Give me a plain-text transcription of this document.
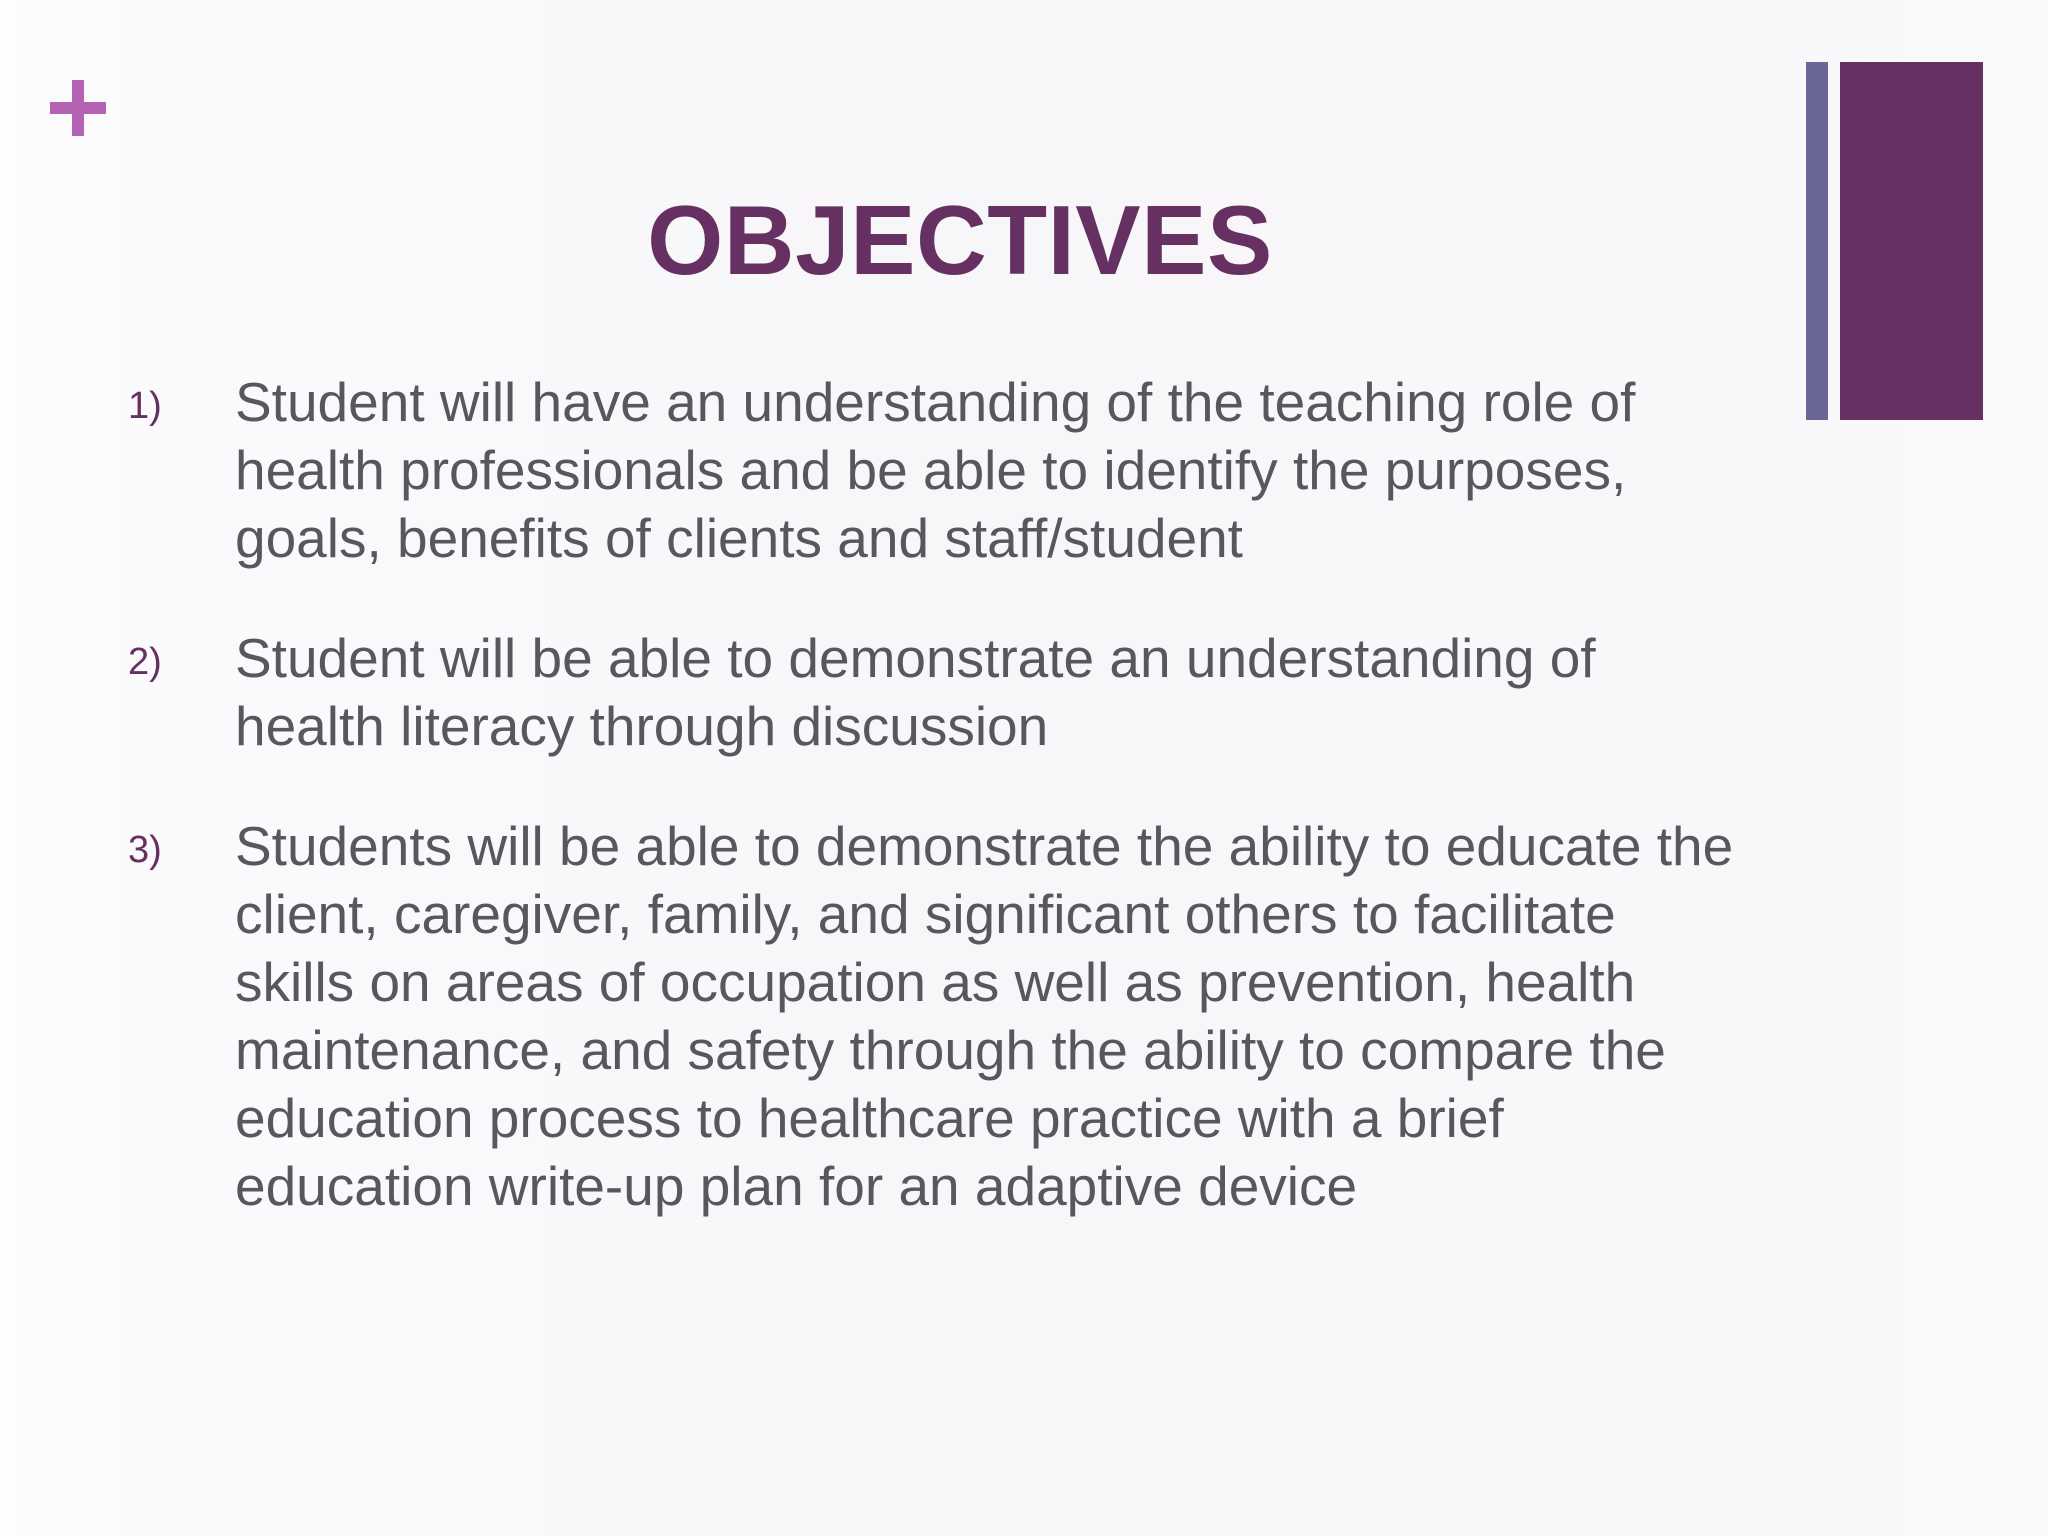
OBJECTIVES
1)	Student will have an understanding of the teaching role of
health professionals and be able to identify the purposes,
goals, benefits of clients and staff/student
2)	Student will be able to demonstrate an understanding of
health literacy through discussion
3)	Students will be able to demonstrate the ability to educate the
client, caregiver, family, and significant others to facilitate
skills on areas of occupation as well as prevention, health
maintenance, and safety through the ability to compare the
education process to healthcare practice with a brief
education write-up plan for an adaptive device
